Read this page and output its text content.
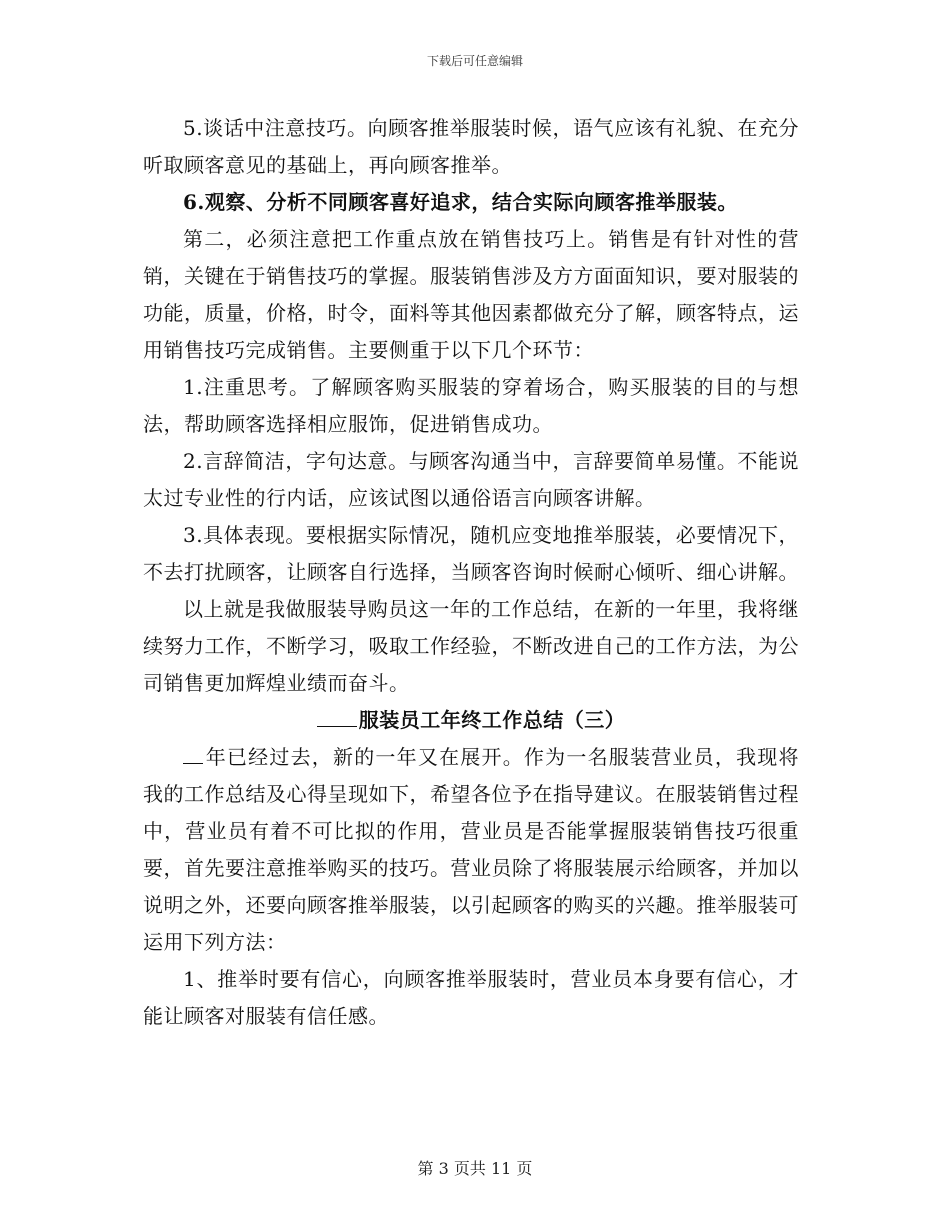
下载后可任意编辑

5.谈话中注意技巧。向顾客推举服装时候，语气应该有礼貌、在充分听取顾客意见的基础上，再向顾客推举。

6.观察、分析不同顾客喜好追求，结合实际向顾客推举服装。

第二，必须注意把工作重点放在销售技巧上。销售是有针对性的营销，关键在于销售技巧的掌握。服装销售涉及方方面面知识，要对服装的功能，质量，价格，时令，面料等其他因素都做充分了解，顾客特点，运用销售技巧完成销售。主要侧重于以下几个环节：

1.注重思考。了解顾客购买服装的穿着场合，购买服装的目的与想法，帮助顾客选择相应服饰，促进销售成功。

2.言辞简洁，字句达意。与顾客沟通当中，言辞要简单易懂。不能说太过专业性的行内话，应该试图以通俗语言向顾客讲解。

3.具体表现。要根据实际情况，随机应变地推举服装，必要情况下，不去打扰顾客，让顾客自行选择，当顾客咨询时候耐心倾听、细心讲解。

以上就是我做服装导购员这一年的工作总结，在新的一年里，我将继续努力工作，不断学习，吸取工作经验，不断改进自己的工作方法，为公司销售更加辉煌业绩而奋斗。

服装员工年终工作总结（三）

年已经过去，新的一年又在展开。作为一名服装营业员，我现将我的工作总结及心得呈现如下，希望各位予在指导建议。在服装销售过程中，营业员有着不可比拟的作用，营业员是否能掌握服装销售技巧很重要，首先要注意推举购买的技巧。营业员除了将服装展示给顾客，并加以说明之外，还要向顾客推举服装，以引起顾客的购买的兴趣。推举服装可运用下列方法：

1、推举时要有信心，向顾客推举服装时，营业员本身要有信心，才能让顾客对服装有信任感。

第 3 页共 11 页
